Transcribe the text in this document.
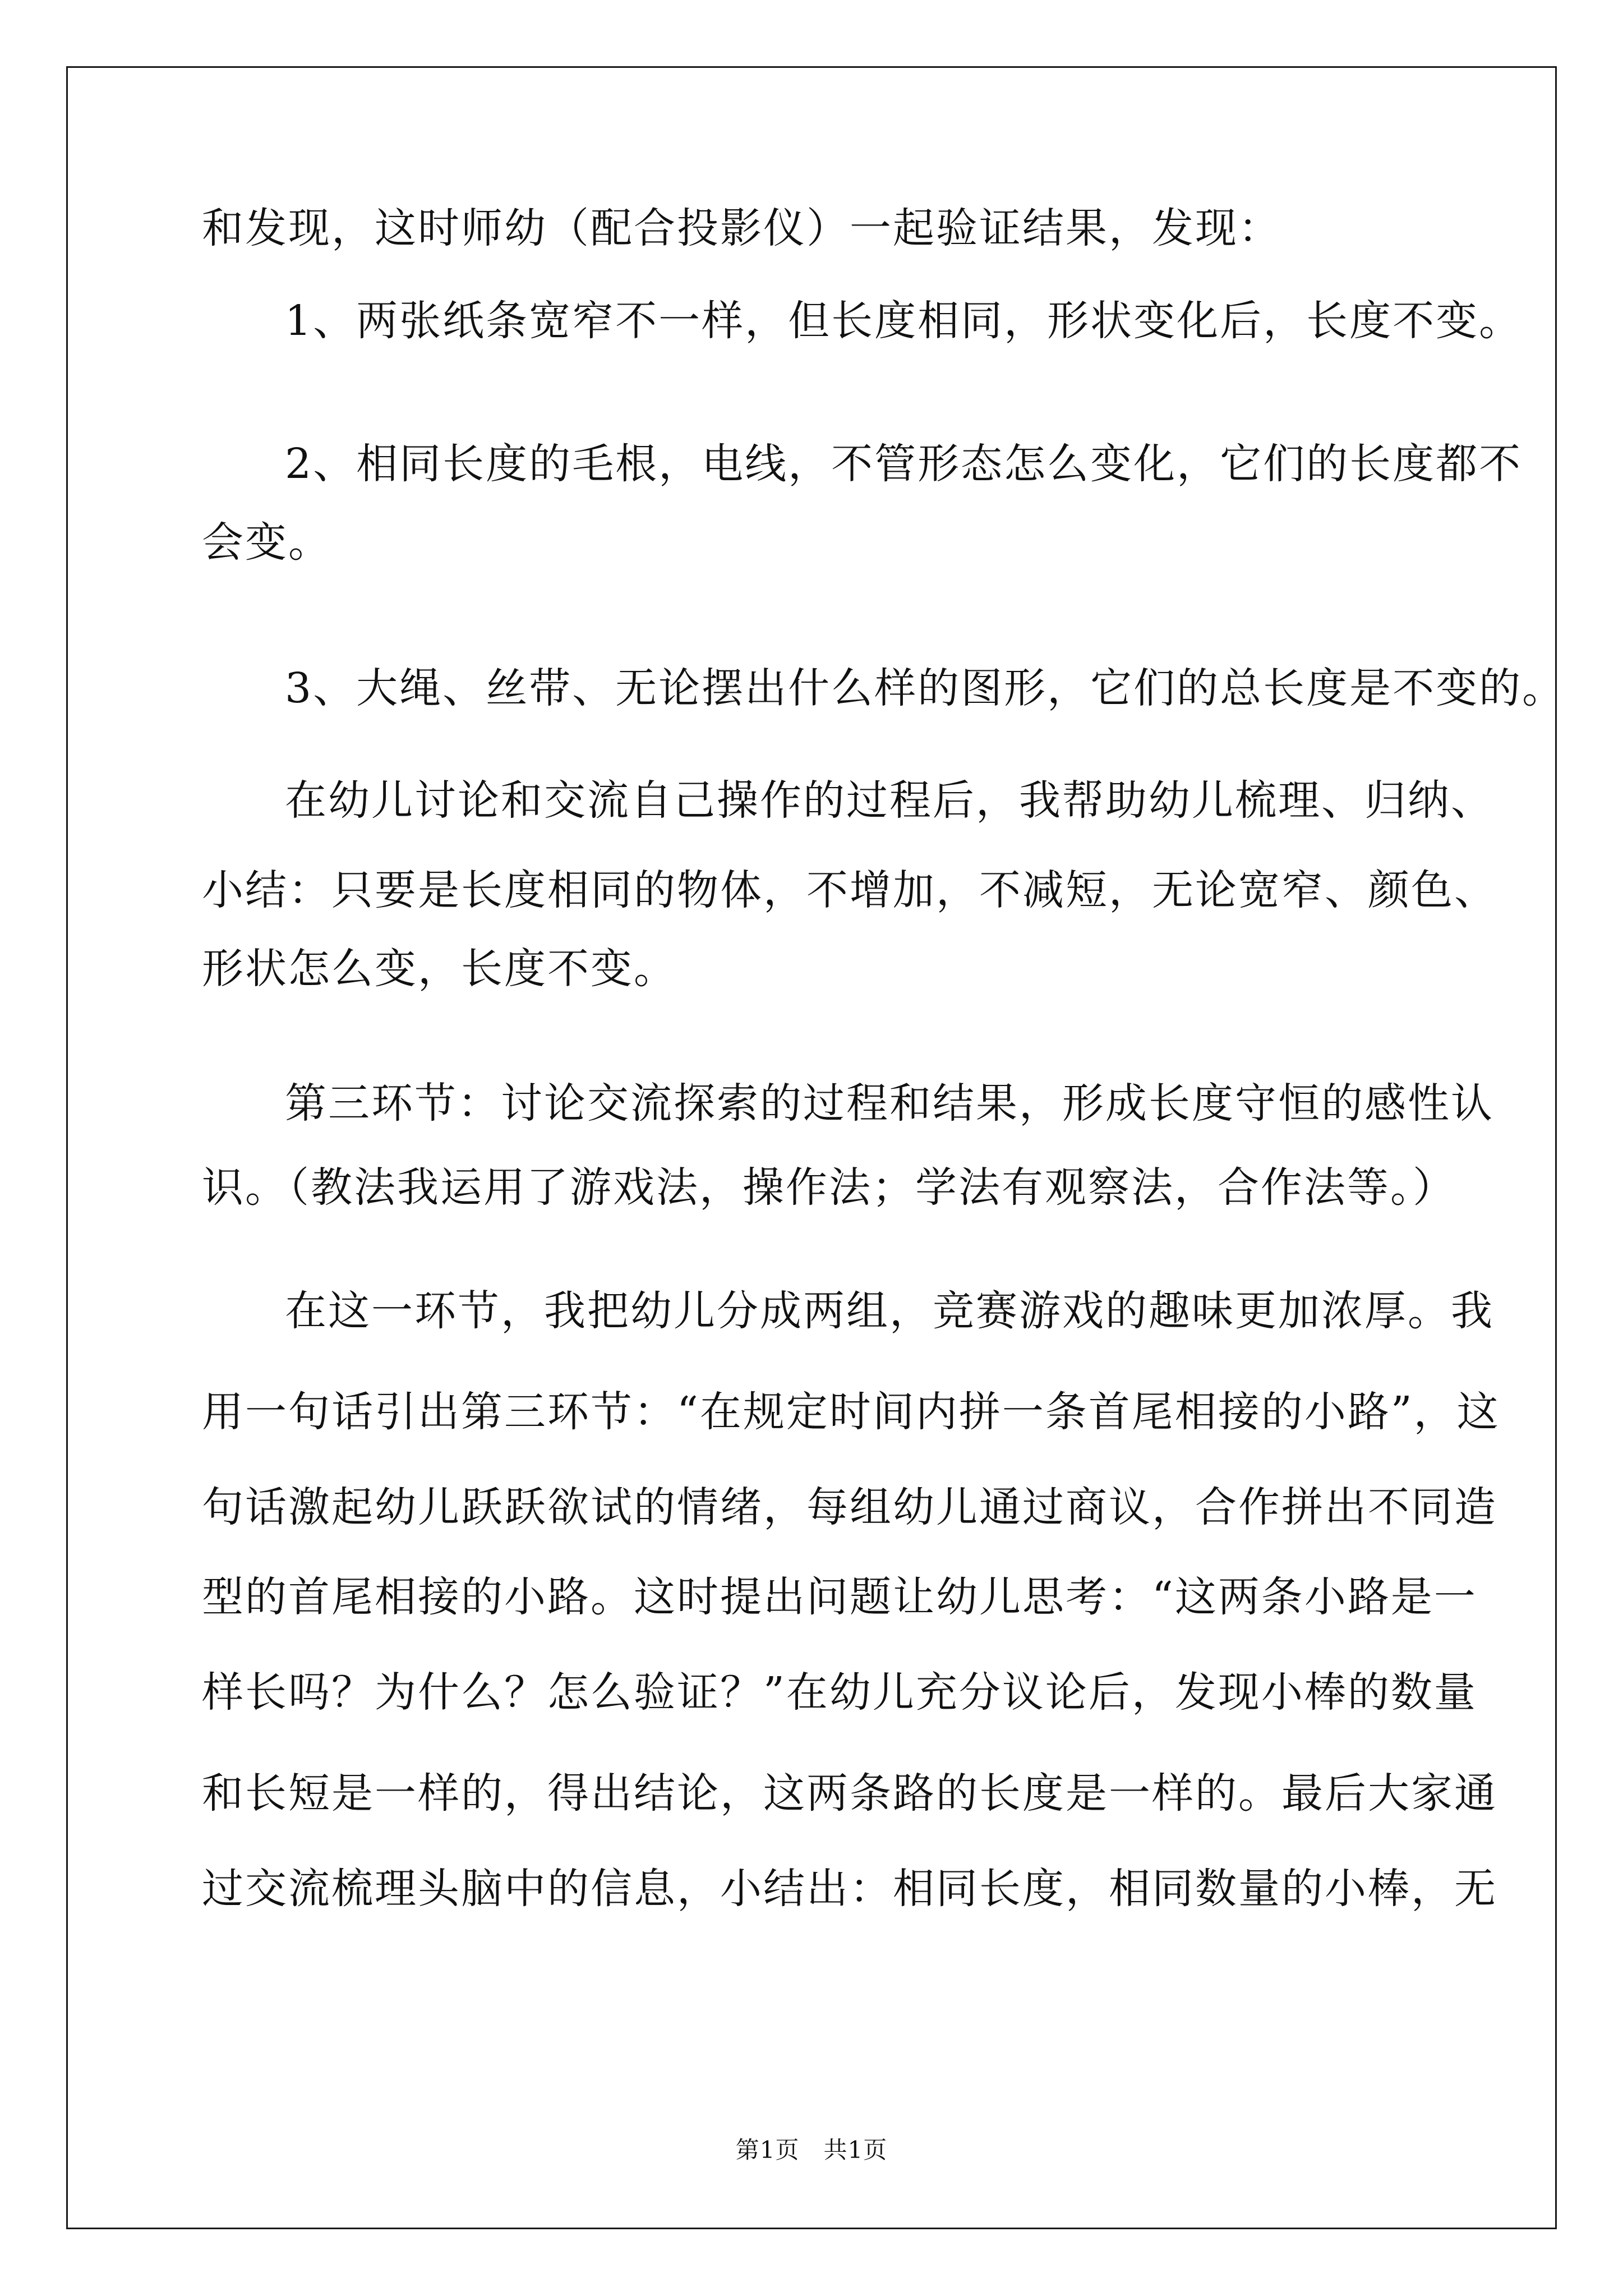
和发现，这时师幼（配合投影仪）一起验证结果，发现：
1、两张纸条宽窄不一样，但长度相同，形状变化后，长度不变。
2、相同长度的毛根，电线，不管形态怎么变化，它们的长度都不
会变。
3、大绳、丝带、无论摆出什么样的图形，它们的总长度是不变的。
在幼儿讨论和交流自己操作的过程后，我帮助幼儿梳理、归纳、
小结：只要是长度相同的物体，不增加，不减短，无论宽窄、颜色、
形状怎么变，长度不变。
第三环节：讨论交流探索的过程和结果，形成长度守恒的感性认
识。（教法我运用了游戏法，操作法；学法有观察法，合作法等。）
在这一环节，我把幼儿分成两组，竞赛游戏的趣味更加浓厚。我
用一句话引出第三环节：“在规定时间内拼一条首尾相接的小路”，这
句话激起幼儿跃跃欲试的情绪，每组幼儿通过商议，合作拼出不同造
型的首尾相接的小路。这时提出问题让幼儿思考：“这两条小路是一
样长吗？为什么？怎么验证？”在幼儿充分议论后，发现小棒的数量
和长短是一样的，得出结论，这两条路的长度是一样的。最后大家通
过交流梳理头脑中的信息，小结出：相同长度，相同数量的小棒，无
第1页　共1页
